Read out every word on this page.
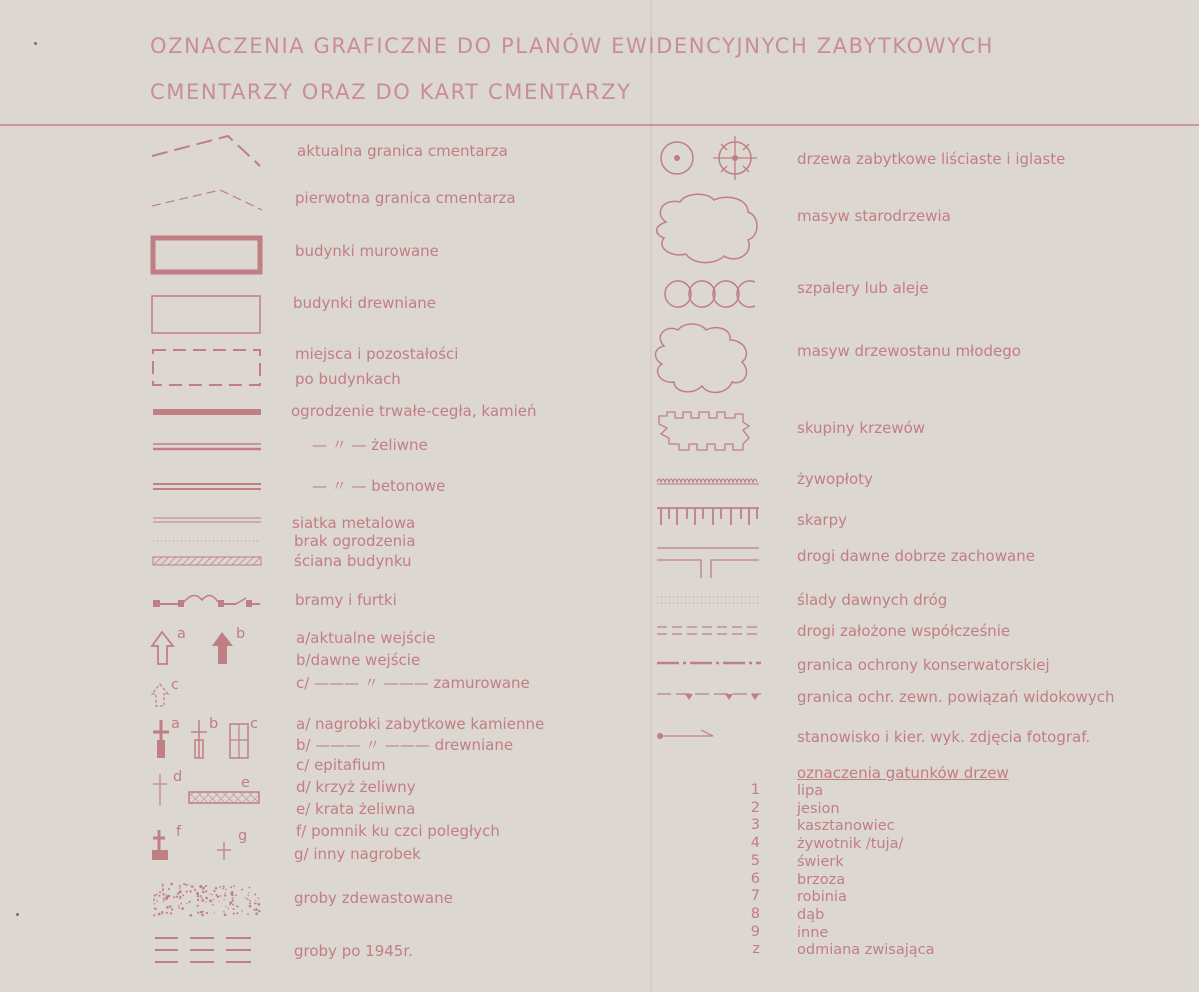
OZNACZENIA GRAFICZNE DO PLANÓW EWIDENCYJNYCH ZABYTKOWYCH
CMENTARZY ORAZ DO KART CMENTARZY
a	b
c
a b c
d	e
f	g
aktualna granica cmentarza
pierwotna granica cmentarza
budynki murowane
budynki drewniane
miejsca i pozostałości
po budynkach
ogrodzenie trwałe-cegła, kamień
— 〃 — żeliwne
— 〃 — betonowe
siatka metalowa
brak ogrodzenia
ściana budynku
bramy i furtki
a/aktualne wejście
b/dawne wejście
c/ ——— 〃 ——— zamurowane
a/ nagrobki zabytkowe kamienne
b/ ——— 〃 ——— drewniane
c/ epitafium
d/ krzyż żeliwny
e/ krata żeliwna
f/ pomnik ku czci poległych
g/ inny nagrobek
groby zdewastowane
groby po 1945r.
drzewa zabytkowe liściaste i iglaste
masyw starodrzewia
szpalery lub aleje
masyw drzewostanu młodego
skupiny krzewów
żywopłoty
skarpy
drogi dawne dobrze zachowane
ślady dawnych dróg
drogi założone współcześnie
granica ochrony konserwatorskiej
granica ochr. zewn. powiązań widokowych
stanowisko i kier. wyk. zdjęcia fotograf.
oznaczenia gatunków drzew
1	lipa
2	jesion
3	kasztanowiec
4	żywotnik /tuja/
5	świerk
6	brzoza
7	robinia
8	dąb
9	inne
z	odmiana zwisająca
